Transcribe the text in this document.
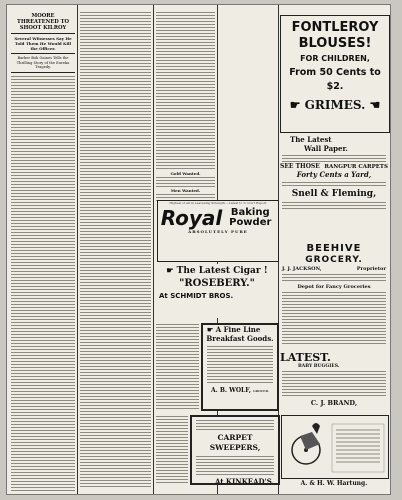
MOORE THREATENED TO SHOOT KILROY
Several Witnesses Say He Told Them He Would Kill the Officer.
Barber Bob Gaines Tells the Thrilling Story of the Eureka Tragedy.
Gold Wanted.
Men Wanted.
Highest of all in Leavening Strength.—Latest U. S. Gov't Report
Royal Baking Powder
ABSOLUTELY PURE
☛ The Latest Cigar !
"ROSEBERY."
At SCHMIDT BROS.
☛ A Fine Line
Breakfast Goods.
A. B. WOLF, GROCER.
CARPET SWEEPERS,
At KINKEAD'S.
FONTLEROY
BLOUSES!
FOR CHILDREN,
From 50 Cents to $2.
☛ GRIMES. ☚
The Latest
Wall Paper.
SEE THOSE RANGPUR CARPETS
Forty Cents a Yard,
Snell & Fleming,
BEEHIVE
GROCERY.
J. J. JACKSON,	Proprietor
Depot for Fancy Groceries
LATEST.
BABY BUGGIES.
C. J. BRAND,
A. & H. W. Hartung.
